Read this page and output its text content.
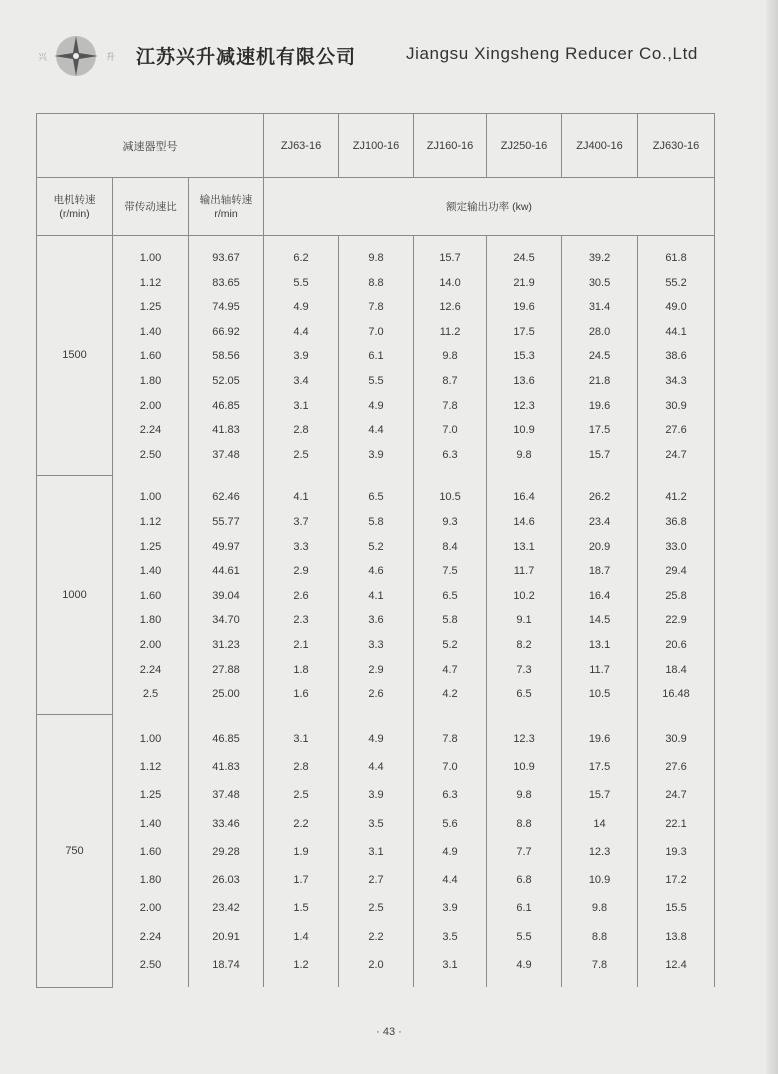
兴	升 江苏兴升减速机有限公司	Jiangsu Xingsheng Reducer Co.,Ltd
减速器型号			ZJ63-16	ZJ100-16	ZJ160-16	ZJ250-16	ZJ400-16	ZJ630-16
电机转速 (r/min)	带传动速比	输出轴转速 r/min	额定输出功率 (kw)					
1500	1.00	93.67	6.2	9.8	15.7	24.5	39.2	61.8

	1.12	83.65	5.5	8.8	14.0	21.9	30.5	55.2

	1.25	74.95	4.9	7.8	12.6	19.6	31.4	49.0

	1.40	66.92	4.4	7.0	11.2	17.5	28.0	44.1

	1.60	58.56	3.9	6.1	9.8	15.3	24.5	38.6

	1.80	52.05	3.4	5.5	8.7	13.6	21.8	34.3

	2.00	46.85	3.1	4.9	7.8	12.3	19.6	30.9

	2.24	41.83	2.8	4.4	7.0	10.9	17.5	27.6

	2.50	37.48	2.5	3.9	6.3	9.8	15.7	24.7

1000	1.00	62.46	4.1	6.5	10.5	16.4	26.2	41.2

	1.12	55.77	3.7	5.8	9.3	14.6	23.4	36.8

	1.25	49.97	3.3	5.2	8.4	13.1	20.9	33.0

	1.40	44.61	2.9	4.6	7.5	11.7	18.7	29.4

	1.60	39.04	2.6	4.1	6.5	10.2	16.4	25.8

	1.80	34.70	2.3	3.6	5.8	9.1	14.5	22.9

	2.00	31.23	2.1	3.3	5.2	8.2	13.1	20.6

	2.24	27.88	1.8	2.9	4.7	7.3	11.7	18.4

	2.5	25.00	1.6	2.6	4.2	6.5	10.5	16.48

750	1.00	46.85	3.1	4.9	7.8	12.3	19.6	30.9

	1.12	41.83	2.8	4.4	7.0	10.9	17.5	27.6

	1.25	37.48	2.5	3.9	6.3	9.8	15.7	24.7

	1.40	33.46	2.2	3.5	5.6	8.8	14	22.1

	1.60	29.28	1.9	3.1	4.9	7.7	12.3	19.3

	1.80	26.03	1.7	2.7	4.4	6.8	10.9	17.2

	2.00	23.42	1.5	2.5	3.9	6.1	9.8	15.5

	2.24	20.91	1.4	2.2	3.5	5.5	8.8	13.8

	2.50	18.74	1.2	2.0	3.1	4.9	7.8	12.4
· 43 ·
